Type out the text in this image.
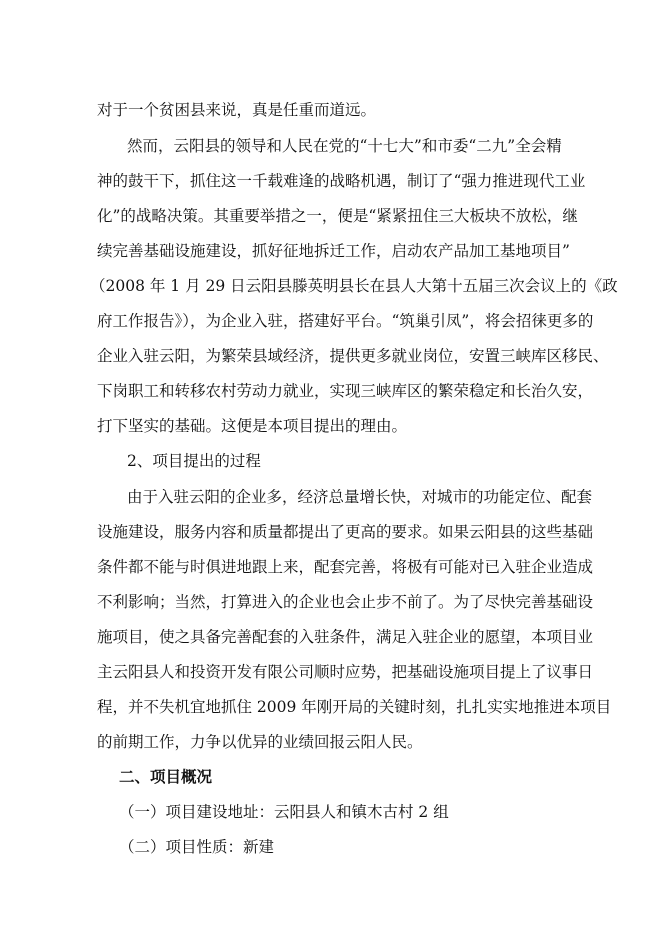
对于一个贫困县来说，真是任重而道远。
然而，云阳县的领导和人民在党的“十七大”和市委“二九”全会精
神的鼓干下，抓住这一千载难逢的战略机遇，制订了“强力推进现代工业
化”的战略决策。其重要举措之一，便是“紧紧扭住三大板块不放松，继
续完善基础设施建设，抓好征地拆迁工作，启动农产品加工基地项目”
（2008 年 1 月 29 日云阳县滕英明县长在县人大第十五届三次会议上的《政
府工作报告》），为企业入驻，搭建好平台。“筑巢引凤”，将会招徕更多的
企业入驻云阳，为繁荣县域经济，提供更多就业岗位，安置三峡库区移民、
下岗职工和转移农村劳动力就业，实现三峡库区的繁荣稳定和长治久安，
打下坚实的基础。这便是本项目提出的理由。
2、项目提出的过程
由于入驻云阳的企业多，经济总量增长快，对城市的功能定位、配套
设施建设，服务内容和质量都提出了更高的要求。如果云阳县的这些基础
条件都不能与时俱进地跟上来，配套完善，将极有可能对已入驻企业造成
不利影响；当然，打算进入的企业也会止步不前了。为了尽快完善基础设
施项目，使之具备完善配套的入驻条件，满足入驻企业的愿望，本项目业
主云阳县人和投资开发有限公司顺时应势，把基础设施项目提上了议事日
程，并不失机宜地抓住 2009 年刚开局的关键时刻，扎扎实实地推进本项目
的前期工作，力争以优异的业绩回报云阳人民。
二、项目概况
（一）项目建设地址：云阳县人和镇木古村 2 组
（二）项目性质：新建
